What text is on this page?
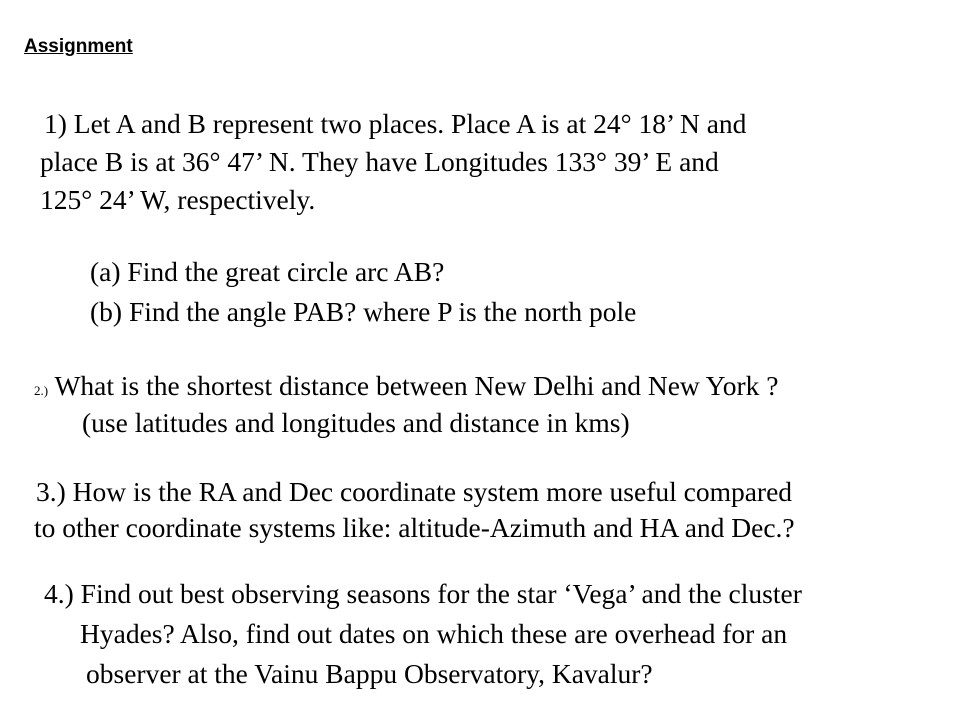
Assignment
1) Let A and B represent two places. Place A is at 24° 18’ N and
place B is at 36° 47’ N. They have Longitudes 133° 39’ E and
125° 24’ W, respectively.
(a) Find the great circle arc AB?
(b) Find the angle PAB? where P is the north pole
2.) What is the shortest distance between New Delhi and New York ?
(use latitudes and longitudes and distance in kms)
3.) How is the RA and Dec coordinate system more useful compared
to other coordinate systems like: altitude-Azimuth and HA and Dec.?
4.) Find out best observing seasons for the star ‘Vega’ and the cluster
Hyades? Also, find out dates on which these are overhead for an
observer at the Vainu Bappu Observatory, Kavalur?
